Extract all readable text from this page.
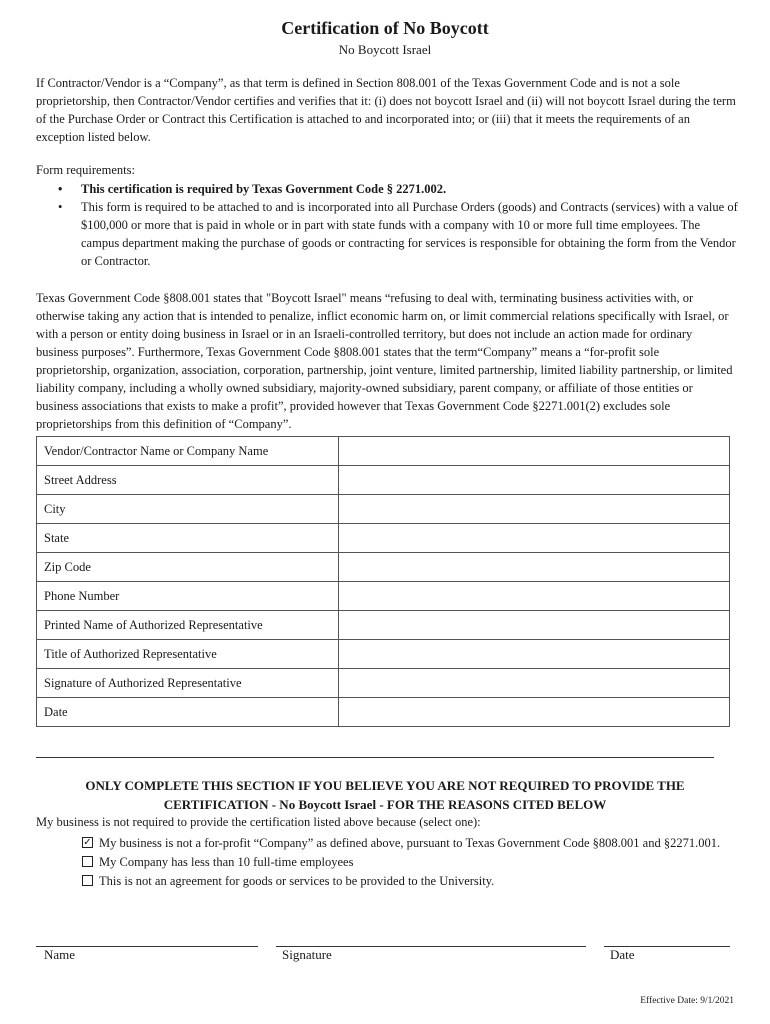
Certification of No Boycott
No Boycott Israel

If Contractor/Vendor is a “Company”, as that term is defined in Section 808.001 of the Texas Government Code and is not a sole proprietorship, then Contractor/Vendor certifies and verifies that it: (i) does not boycott Israel and (ii) will not boycott Israel during the term of the Purchase Order or Contract this Certification is attached to and incorporated into; or (iii) that it meets the requirements of an exception listed below.

Form requirements:

• This certification is required by Texas Government Code § 2271.002.
• This form is required to be attached to and is incorporated into all Purchase Orders (goods) and Contracts (services) with a value of $100,000 or more that is paid in whole or in part with state funds with a company with 10 or more full time employees. The campus department making the purchase of goods or contracting for services is responsible for obtaining the form from the Vendor or Contractor.

Texas Government Code §808.001 states that "Boycott Israel" means “refusing to deal with, terminating business activities with, or otherwise taking any action that is intended to penalize, inflict economic harm on, or limit commercial relations specifically with Israel, or with a person or entity doing business in Israel or in an Israeli-controlled territory, but does not include an action made for ordinary business purposes”. Furthermore, Texas Government Code §808.001 states that the term“Company” means a “for-profit sole proprietorship, organization, association, corporation, partnership, joint venture, limited partnership, limited liability partnership, or limited liability company, including a wholly owned subsidiary, majority-owned subsidiary, parent company, or affiliate of those entities or business associations that exists to make a profit”, provided however that Texas Government Code §2271.001(2) excludes sole proprietorships from this definition of “Company”.

Vendor/Contractor Name or Company Name	
Street Address	
City	
State	
Zip Code	
Phone Number	
Printed Name of Authorized Representative	
Title of Authorized Representative	
Signature of Authorized Representative	
Date	
ONLY COMPLETE THIS SECTION IF YOU BELIEVE YOU ARE NOT REQUIRED TO PROVIDE THE
CERTIFICATION - No Boycott Israel - FOR THE REASONS CITED BELOW
My business is not required to provide the certification listed above because (select one):
✓ My business is not a for-profit “Company” as defined above, pursuant to Texas Government Code §808.001 and §2271.001.
My Company has less than 10 full-time employees
This is not an agreement for goods or services to be provided to the University.
Name	Signature	Date
Effective Date: 9/1/2021
